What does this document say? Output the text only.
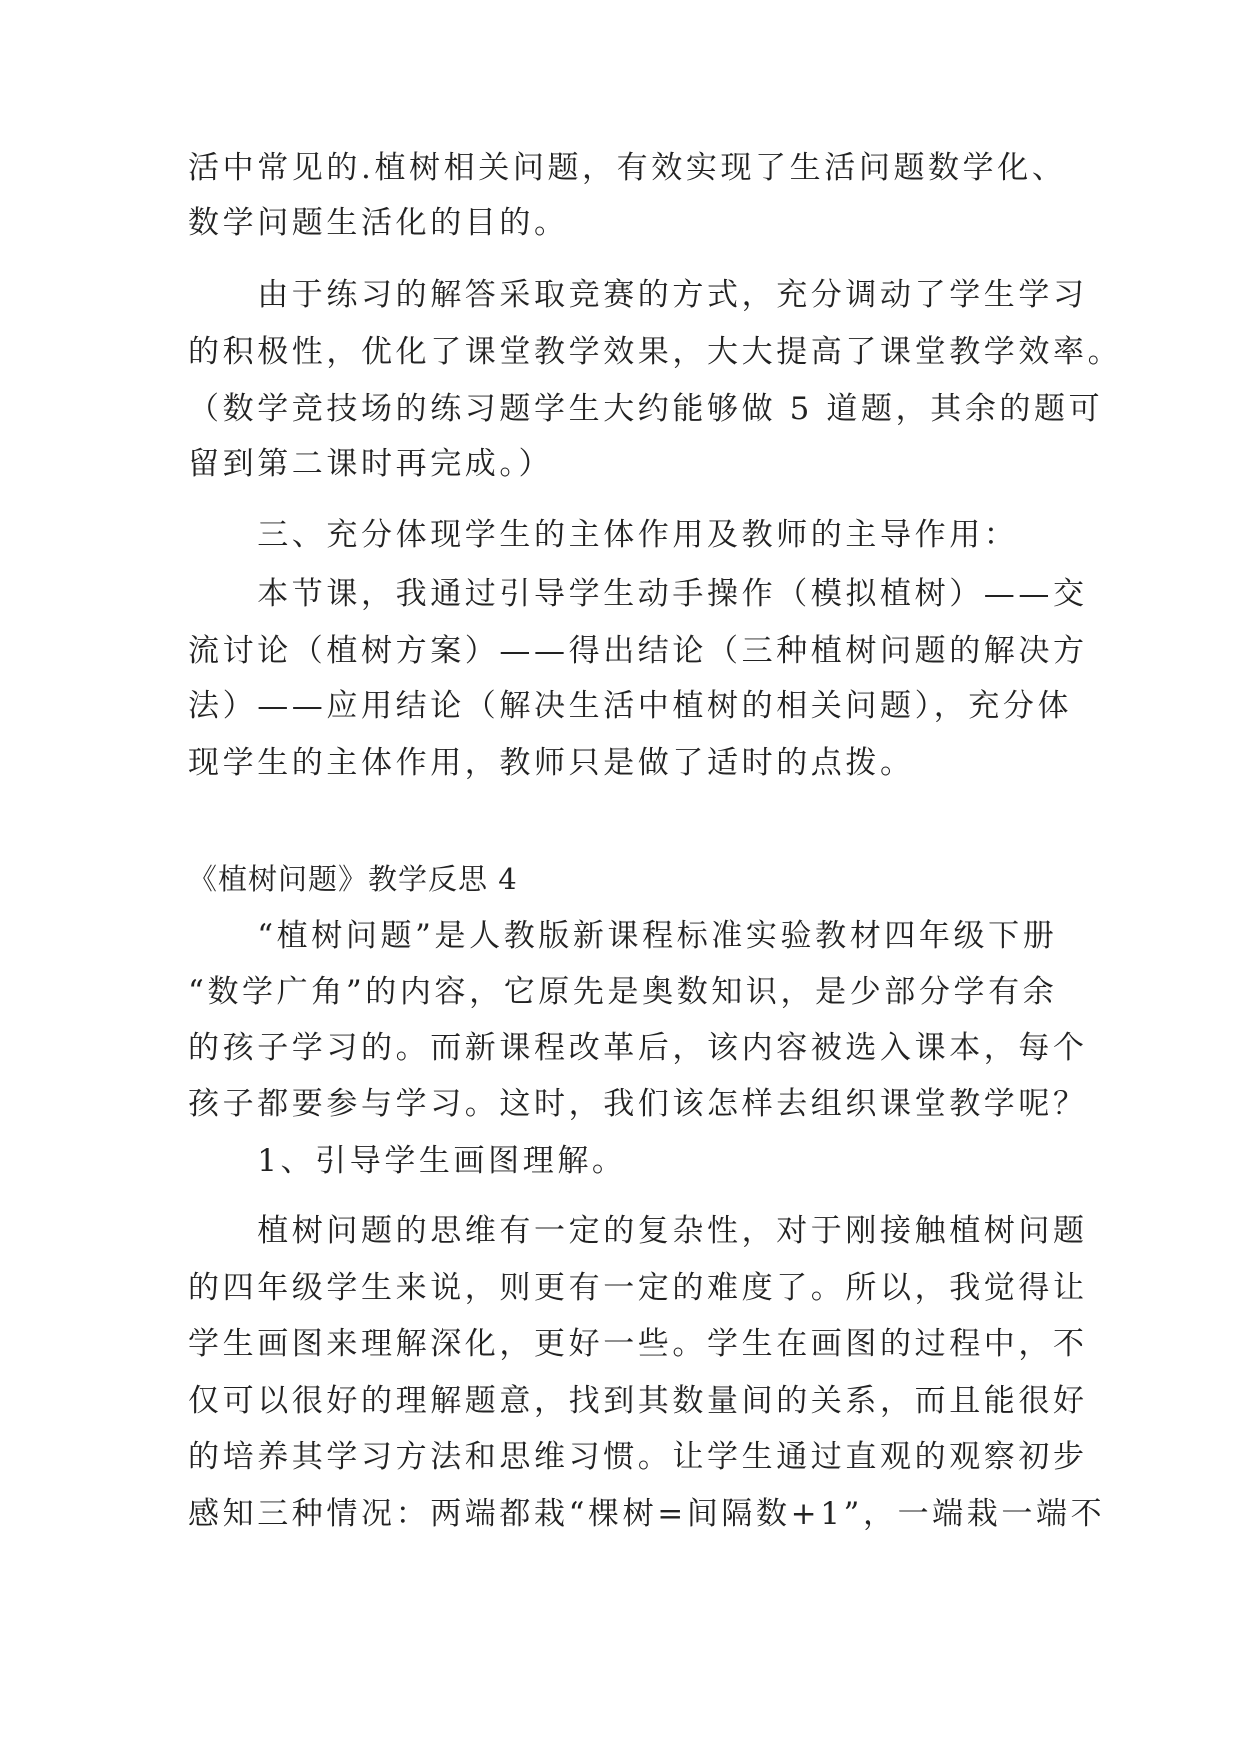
活中常见的.植树相关问题，有效实现了生活问题数学化、
数学问题生活化的目的。
　　由于练习的解答采取竞赛的方式，充分调动了学生学习
的积极性，优化了课堂教学效果，大大提高了课堂教学效率。
（数学竞技场的练习题学生大约能够做 5 道题，其余的题可
留到第二课时再完成。）
　　三、充分体现学生的主体作用及教师的主导作用：
　　本节课，我通过引导学生动手操作（模拟植树）——交
流讨论（植树方案）——得出结论（三种植树问题的解决方
法）——应用结论（解决生活中植树的相关问题），充分体
现学生的主体作用，教师只是做了适时的点拨。
《植树问题》教学反思 4
　　“植树问题”是人教版新课程标准实验教材四年级下册
“数学广角”的内容，它原先是奥数知识，是少部分学有余
的孩子学习的。而新课程改革后，该内容被选入课本，每个
孩子都要参与学习。这时，我们该怎样去组织课堂教学呢？
　　1、引导学生画图理解。
　　植树问题的思维有一定的复杂性，对于刚接触植树问题
的四年级学生来说，则更有一定的难度了。所以，我觉得让
学生画图来理解深化，更好一些。学生在画图的过程中，不
仅可以很好的理解题意，找到其数量间的关系，而且能很好
的培养其学习方法和思维习惯。让学生通过直观的观察初步
感知三种情况：两端都栽“棵树=间隔数+1”，一端栽一端不
